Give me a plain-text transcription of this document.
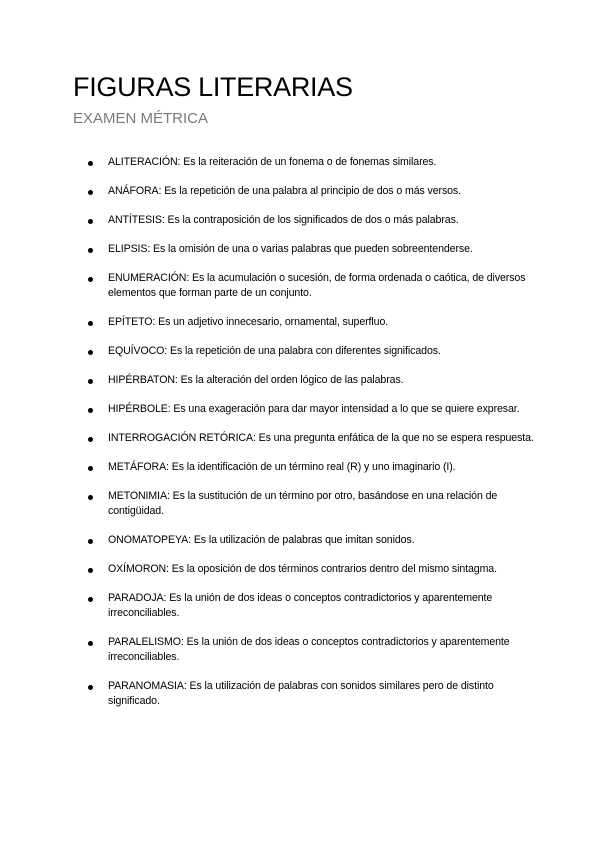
FIGURAS LITERARIAS

EXAMEN MÉTRICA

ALITERACIÓN: Es la reiteración de un fonema o de fonemas similares.
ANÁFORA: Es la repetición de una palabra al principio de dos o más versos.
ANTÍTESIS: Es la contraposición de los significados de dos o más palabras.
ELIPSIS: Es la omisión de una o varias palabras que pueden sobreentenderse.
ENUMERACIÓN: Es la acumulación o sucesión, de forma ordenada o caótica, de diversos elementos que forman parte de un conjunto.
EPÍTETO: Es un adjetivo innecesario, ornamental, superfluo.
EQUÍVOCO: Es la repetición de una palabra con diferentes significados.
HIPÉRBATON: Es la alteración del orden lógico de las palabras.
HIPÉRBOLE: Es una exageración para dar mayor intensidad a lo que se quiere expresar.
INTERROGACIÓN RETÓRICA: Es una pregunta enfática de la que no se espera respuesta.
METÁFORA: Es la identificación de un término real (R) y uno imaginario (I).
METONIMIA: Es la sustitución de un término por otro, basándose en una relación de contigüidad.
ONOMATOPEYA: Es la utilización de palabras que imitan sonidos.
OXÍMORON: Es la oposición de dos términos contrarios dentro del mismo sintagma.
PARADOJA: Es la unión de dos ideas o conceptos contradictorios y aparentemente irreconciliables.
PARALELISMO: Es la unión de dos ideas o conceptos contradictorios y aparentemente irreconciliables.
PARANOMASIA: Es la utilización de palabras con sonidos similares pero de distinto significado.
